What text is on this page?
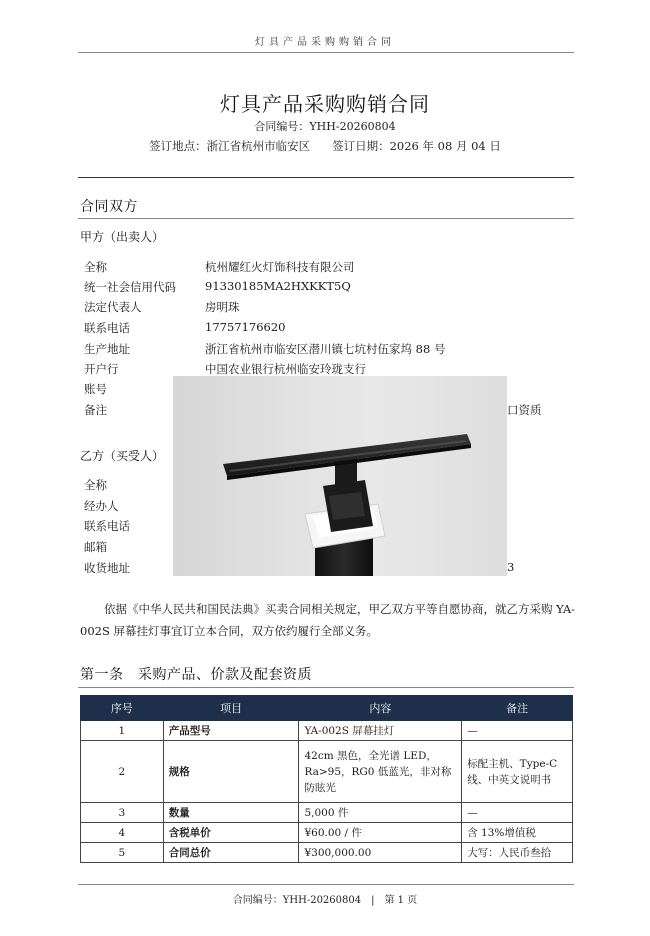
灯具产品采购购销合同
灯具产品采购购销合同
合同编号：YHH-20260804
签订地点：浙江省杭州市临安区 签订日期：2026 年 08 月 04 日
合同双方
甲方（出卖人）
全称	杭州耀红火灯饰科技有限公司
统一社会信用代码	91330185MA2HXKKT5Q
法定代表人	房明珠
联系电话	17757176620
生产地址	浙江省杭州市临安区潜川镇七坑村伍家坞 88 号
开户行	中国农业银行杭州临安玲珑支行
账号
备注	口资质
乙方（买受人）
全称
经办人
联系电话
邮箱
收货地址	3
依据《中华人民共和国民法典》买卖合同相关规定，甲乙双方平等自愿协商，就乙方采购 YA-002S 屏幕挂灯事宜订立本合同，双方依约履行全部义务。
第一条　采购产品、价款及配套资质
序号	项目	内容	备注
1	产品型号	YA-002S 屏幕挂灯	—
2	规格	42cm 黑色，全光谱 LED，Ra>95，RG0 低蓝光，非对称防眩光	标配主机、Type-C 线、中英文说明书
3	数量	5,000 件	—
4	含税单价	¥60.00 / 件	含 13%增值税
5	合同总价	¥300,000.00	大写：人民币叁拾
合同编号：YHH-20260804 | 第 1 页
